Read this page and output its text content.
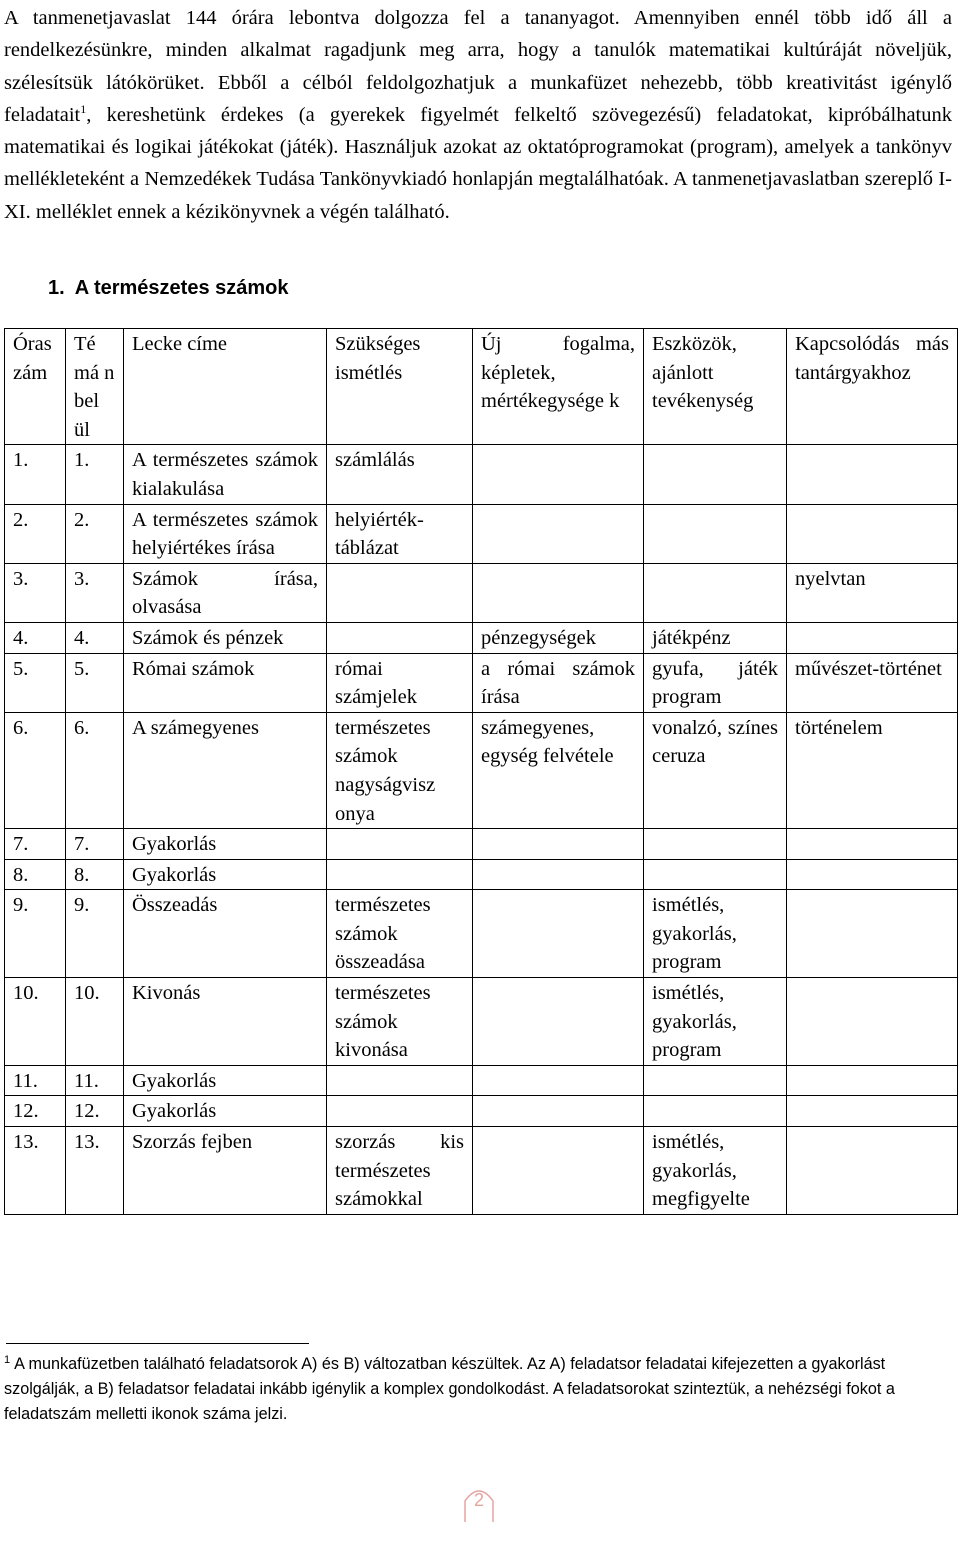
A tanmenetjavaslat 144 órára lebontva dolgozza fel a tananyagot. Amennyiben ennél több idő áll a rendelkezésünkre, minden alkalmat ragadjunk meg arra, hogy a tanulók matematikai kultúráját növeljük, szélesítsük látókörüket. Ebből a célból feldolgozhatjuk a munkafüzet nehezebb, több kreativitást igénylő feladatait$^1$, kereshetünk érdekes (a gyerekek figyelmét felkeltő szövegezésű) feladatokat, kipróbálhatunk matematikai és logikai játékokat (játék). Használjuk azokat az oktatóprogramokat (program), amelyek a tankönyv mellékleteként a Nemzedékek Tudása Tankönyvkiadó honlapján megtalálhatóak. A tanmenetjavaslatban szereplő I-XI. melléklet ennek a kézikönyvnek a végén található.
1. A természetes számok
Óras zám	Té má n bel ül	Lecke címe	Szükséges ismétlés	Új fogalma, képletek, mértékegysége k	Eszközök, ajánlott tevékenység	Kapcsolódás más tantárgyakhoz
1.	1.	A természetes számok kialakulása	számlálás			
2.	2.	A természetes számok helyiértékes írása	helyiérték-táblázat			
3.	3.	Számok írása, olvasása				nyelvtan
4.	4.	Számok és pénzek		pénzegységek	játékpénz	
5.	5.	Római számok	római számjelek	a római számok írása	gyufa, játék program	művészet-történet
6.	6.	A számegyenes	természetes számok nagyságvisz onya	számegyenes, egység felvétele	vonalzó, színes ceruza	történelem
7.	7.	Gyakorlás				
8.	8.	Gyakorlás				
9.	9.	Összeadás	természetes számok összeadása		ismétlés, gyakorlás, program	
10.	10.	Kivonás	természetes számok kivonása		ismétlés, gyakorlás, program	
11.	11.	Gyakorlás				
12.	12.	Gyakorlás				
13.	13.	Szorzás fejben	szorzás kis természetes számokkal		ismétlés, gyakorlás, megfigyelte	
$^1$ A munkafüzetben található feladatsorok A) és B) változatban készültek. Az A) feladatsor feladatai kifejezetten a gyakorlást szolgálják, a B) feladatsor feladatai inkább igénylik a komplex gondolkodást. A feladatsorokat szinteztük, a nehézségi fokot a feladatszám melletti ikonok száma jelzi.
2
